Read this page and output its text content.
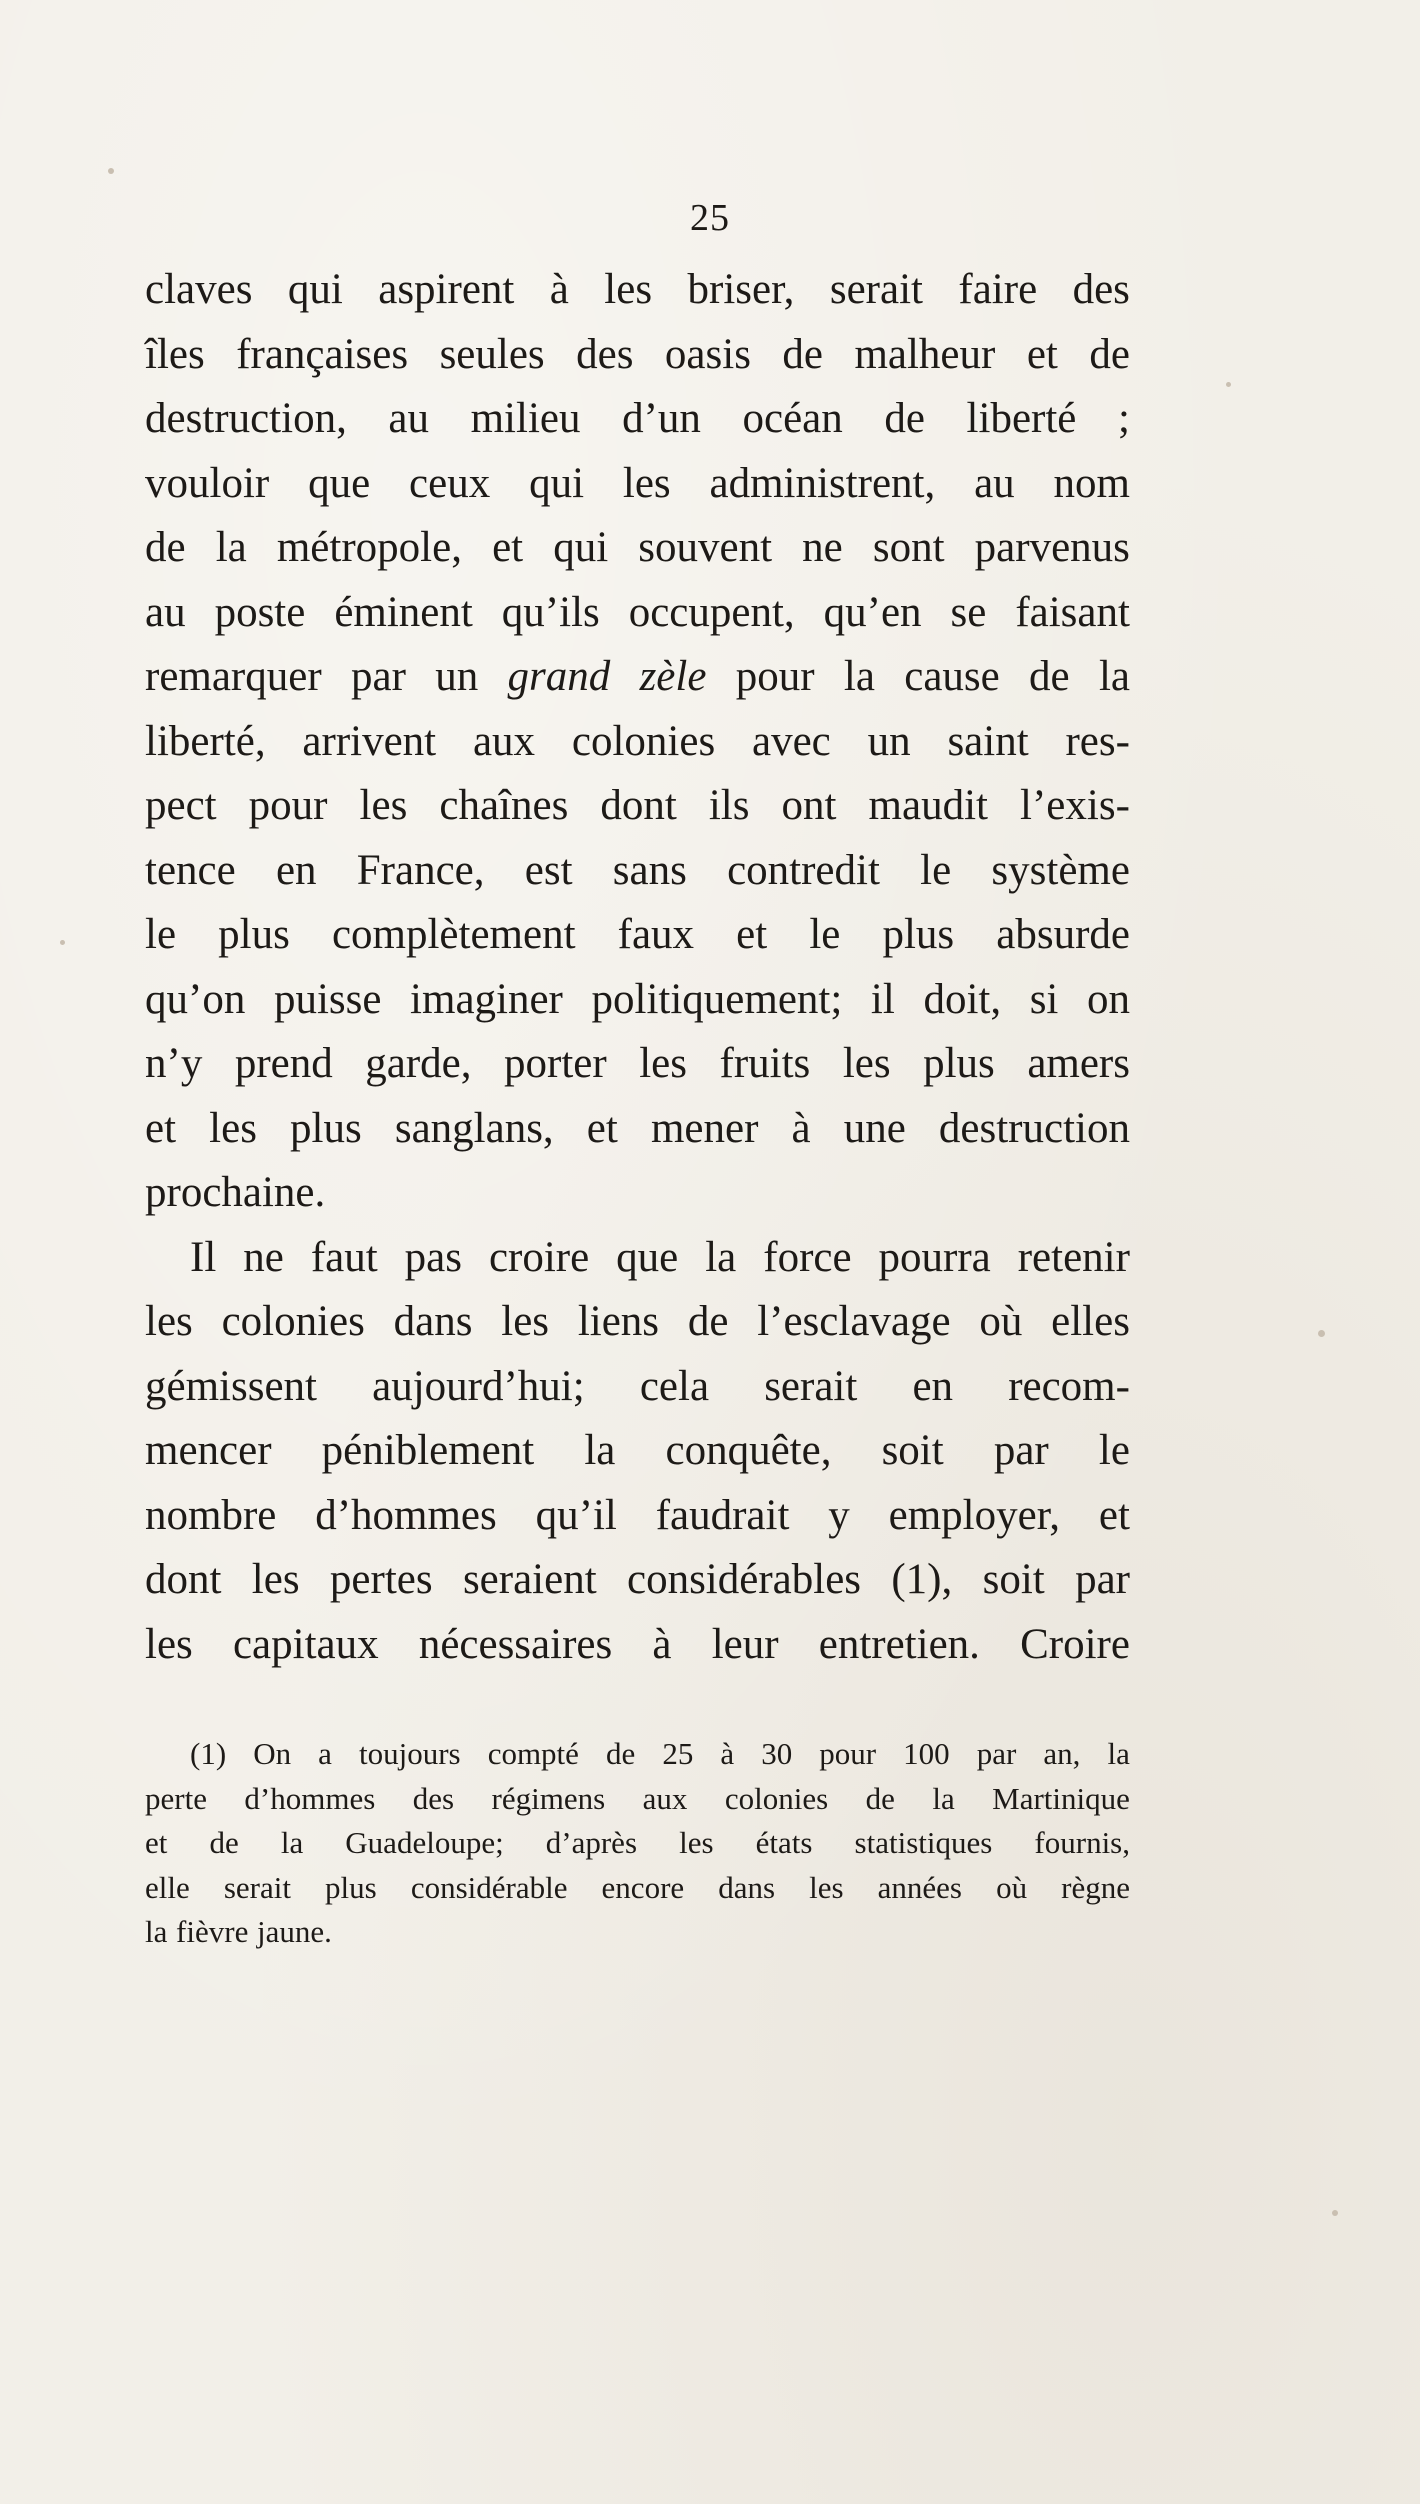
25
claves qui aspirent à les briser, serait faire des
îles françaises seules des oasis de malheur et de
destruction, au milieu d’un océan de liberté ;
vouloir que ceux qui les administrent, au nom
de la métropole, et qui souvent ne sont parvenus
au poste éminent qu’ils occupent, qu’en se faisant
remarquer par un grand zèle pour la cause de la
liberté, arrivent aux colonies avec un saint res-
pect pour les chaînes dont ils ont maudit l’exis-
tence en France, est sans contredit le système
le plus complètement faux et le plus absurde
qu’on puisse imaginer politiquement; il doit, si on
n’y prend garde, porter les fruits les plus amers
et les plus sanglans, et mener à une destruction
prochaine.
Il ne faut pas croire que la force pourra retenir
les colonies dans les liens de l’esclavage où elles
gémissent aujourd’hui; cela serait en recom-
mencer péniblement la conquête, soit par le
nombre d’hommes qu’il faudrait y employer, et
dont les pertes seraient considérables (1), soit par
les capitaux nécessaires à leur entretien. Croire
(1) On a toujours compté de 25 à 30 pour 100 par an, la
perte d’hommes des régimens aux colonies de la Martinique
et de la Guadeloupe; d’après les états statistiques fournis,
elle serait plus considérable encore dans les années où règne
la fièvre jaune.
